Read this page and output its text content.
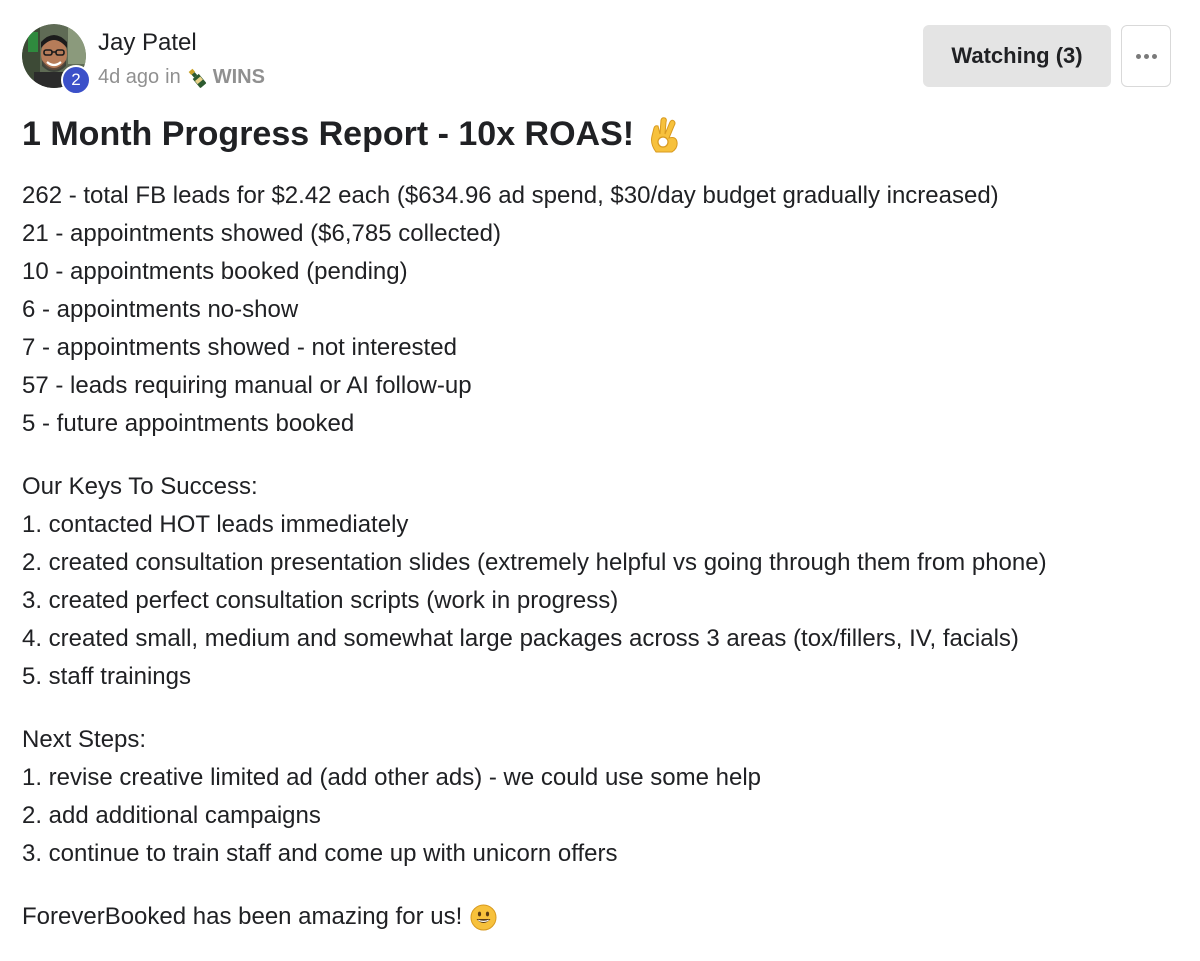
2
Jay Patel
4d ago in WINS
Watching (3)
1 Month Progress Report - 10x ROAS!
262 - total FB leads for $2.42 each ($634.96 ad spend, $30/day budget gradually increased)
21 - appointments showed ($6,785 collected)
10 - appointments booked (pending)
6 - appointments no-show
7 - appointments showed - not interested
57 - leads requiring manual or AI follow-up
5 - future appointments booked
Our Keys To Success:
1. contacted HOT leads immediately
2. created consultation presentation slides (extremely helpful vs going through them from phone)
3. created perfect consultation scripts (work in progress)
4. created small, medium and somewhat large packages across 3 areas (tox/fillers, IV, facials)
5. staff trainings
Next Steps:
1. revise creative limited ad (add other ads) - we could use some help
2. add additional campaigns
3. continue to train staff and come up with unicorn offers
ForeverBooked has been amazing for us!
